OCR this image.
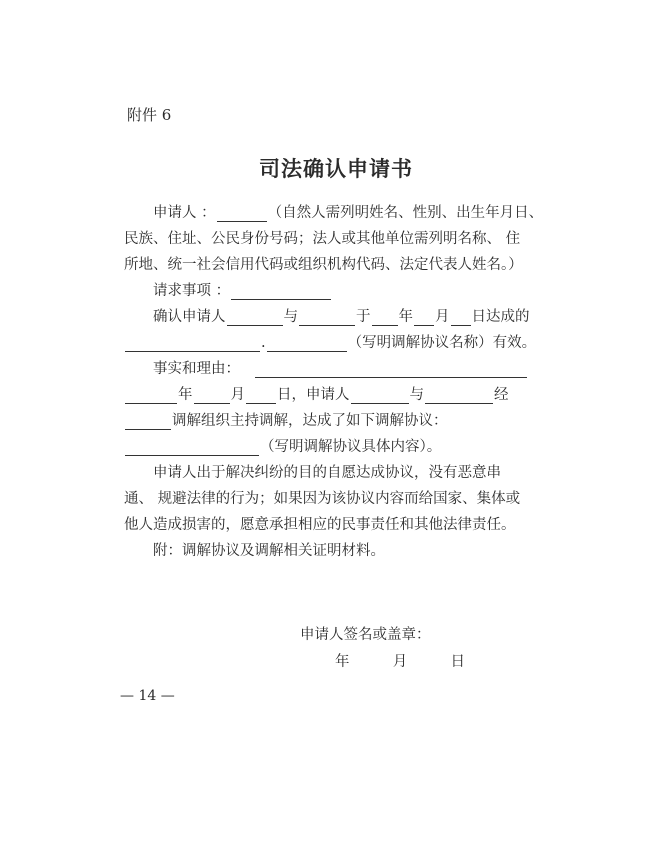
附件 6
司法确认申请书
申请人 ：	（自然人需列明姓名、性别、出生年月日、
民族、住址、公民身份号码；法人或其他单位需列明名称、 住
所地、统一社会信用代码或组织机构代码、法定代表人姓名。）
请求事项 ：
确认申请人	与	于 年 月 日达成的
.	（写明调解协议名称）有效。
事实和理由：
年	月 日，申请人	与	经
调解组织主持调解，达成了如下调解协议：
（写明调解协议具体内容）。
申请人出于解决纠纷的目的自愿达成协议，没有恶意串
通、 规避法律的行为；如果因为该协议内容而给国家、集体或
他人造成损害的，愿意承担相应的民事责任和其他法律责任。
附：调解协议及调解相关证明材料。
申请人签名或盖章：
年	月	日
— 14 —
